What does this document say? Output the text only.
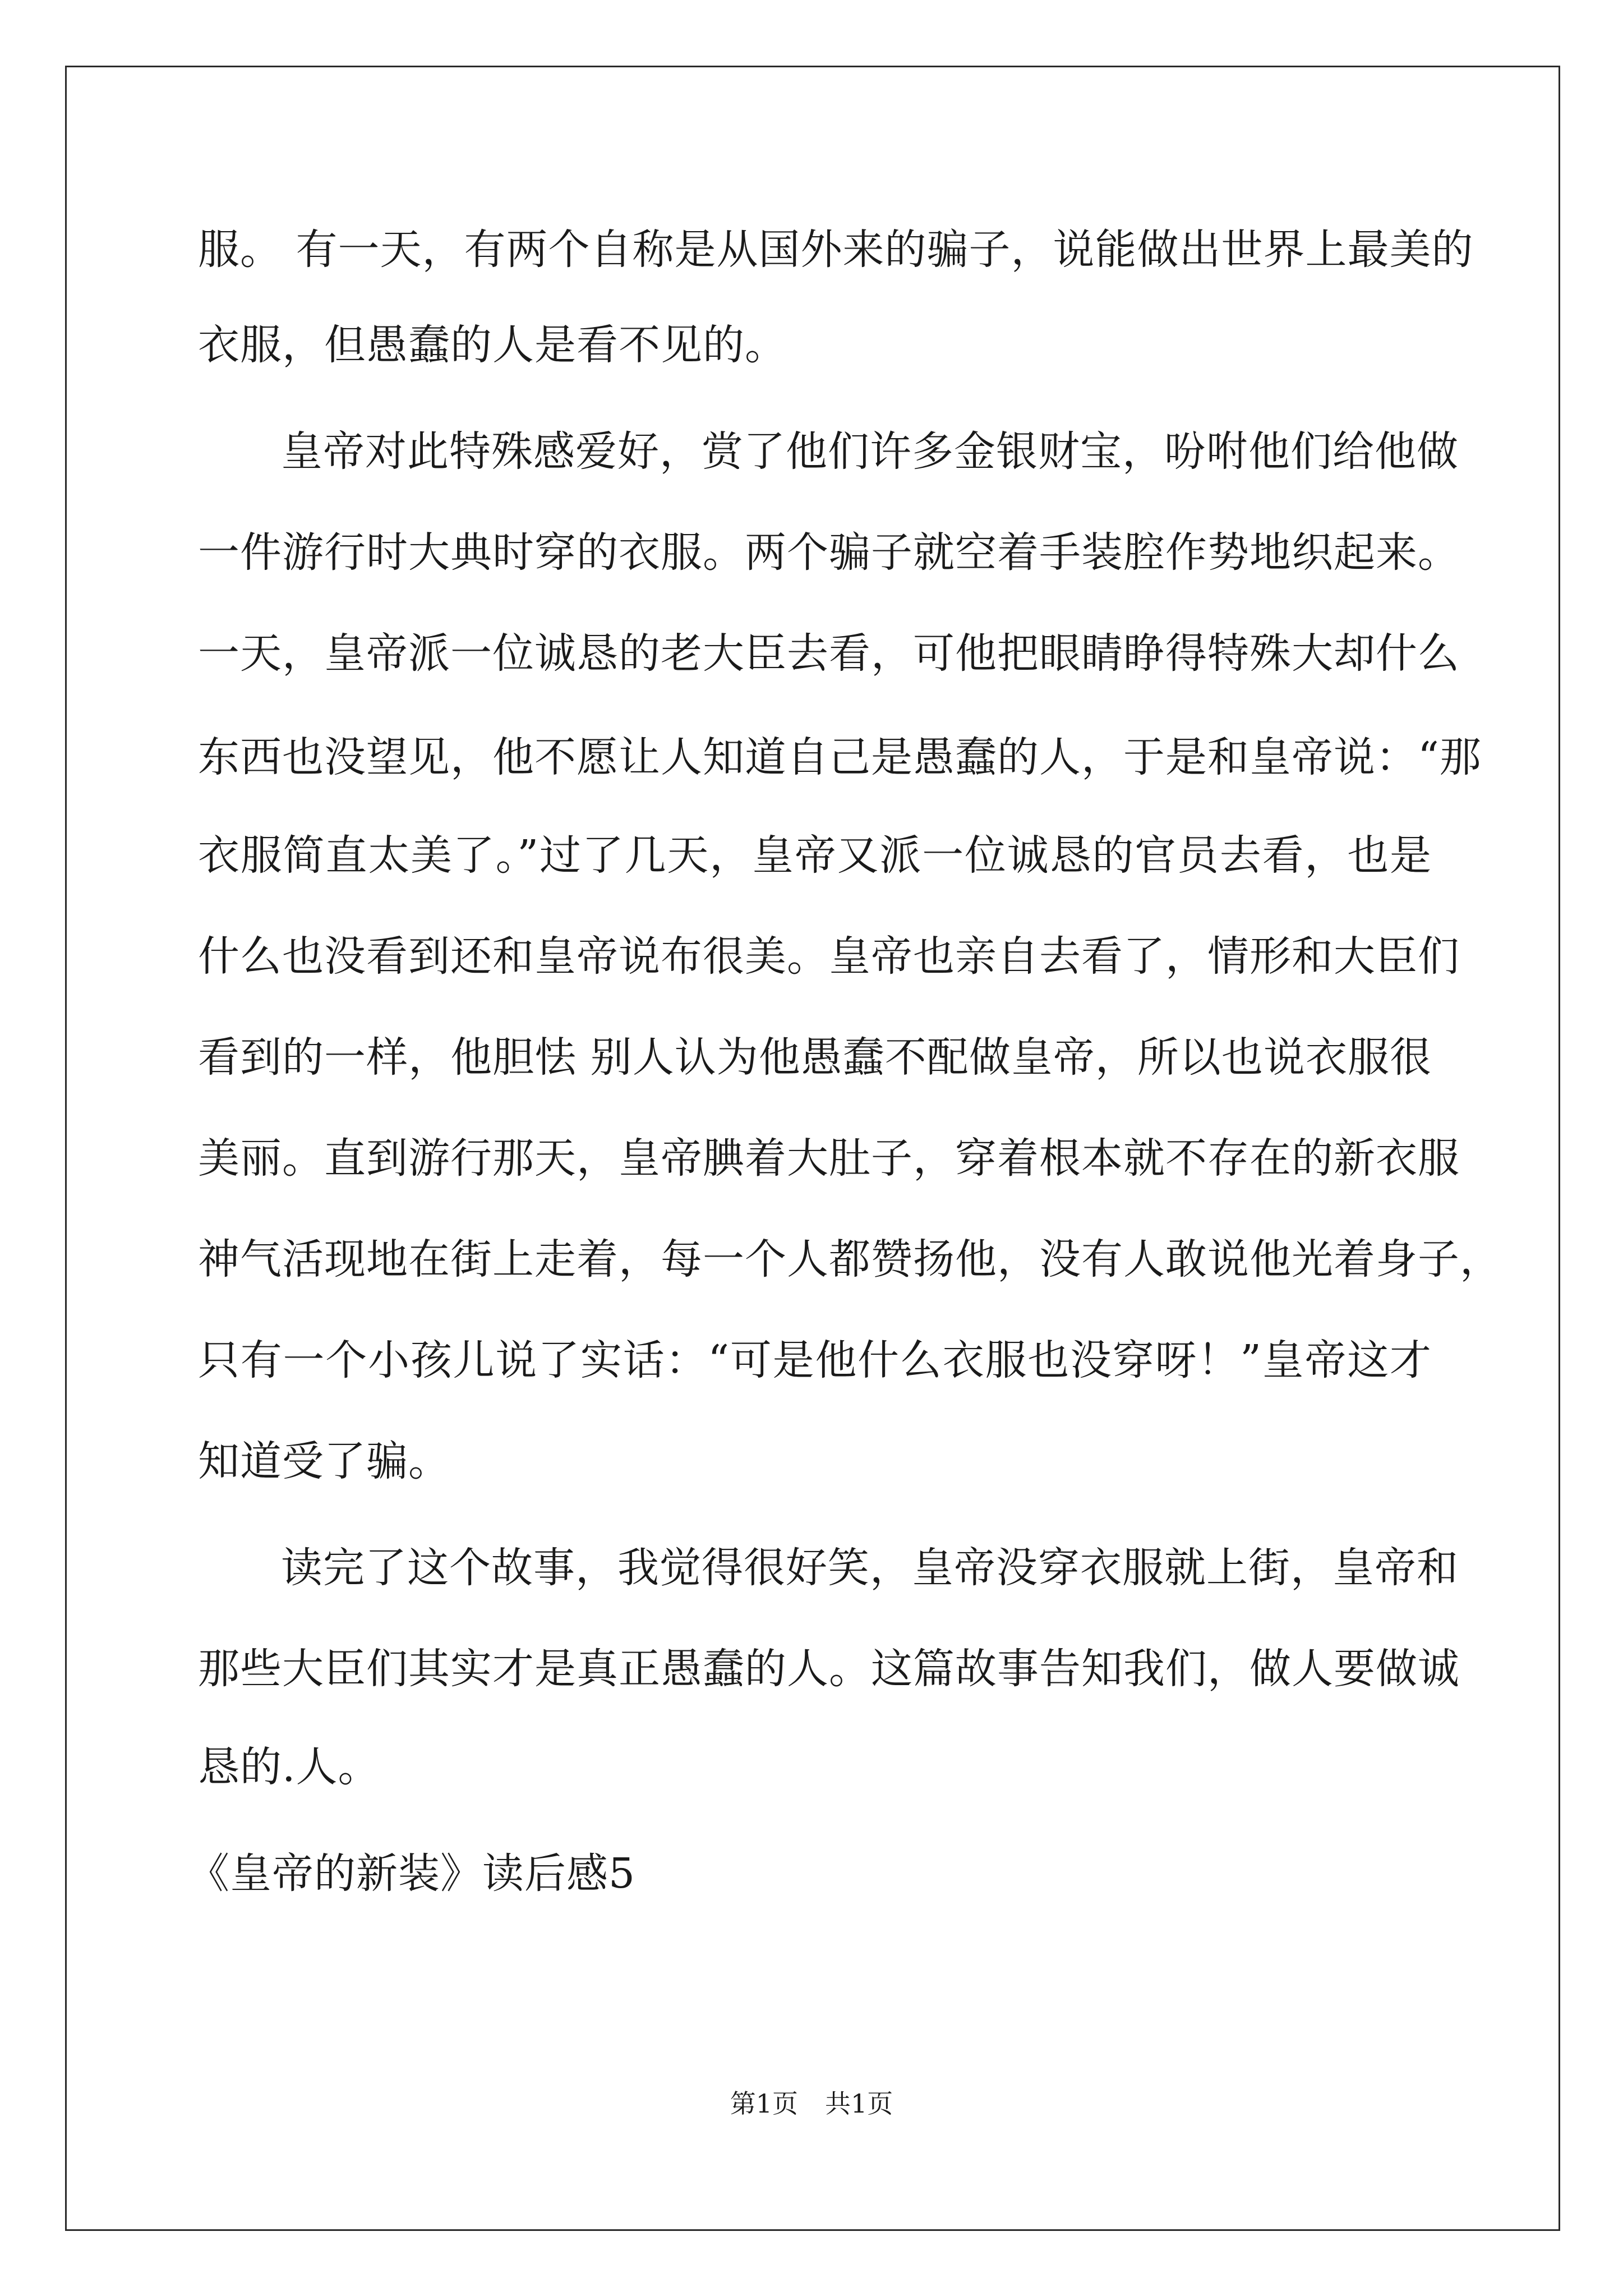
服。 有一天，有两个自称是从国外来的骗子，说能做出世界上最美的
衣服，但愚蠢的人是看不见的。
皇帝对此特殊感爱好，赏了他们许多金银财宝，吩咐他们给他做
一件游行时大典时穿的衣服。两个骗子就空着手装腔作势地织起来。
一天，皇帝派一位诚恳的老大臣去看，可他把眼睛睁得特殊大却什么
东西也没望见，他不愿让人知道自己是愚蠢的人，于是和皇帝说：“那
衣服简直太美了。”过了几天，皇帝又派一位诚恳的官员去看，也是
什么也没看到还和皇帝说布很美。皇帝也亲自去看了，情形和大臣们
看到的一样，他胆怯 别人认为他愚蠢不配做皇帝，所以也说衣服很
美丽。直到游行那天，皇帝腆着大肚子，穿着根本就不存在的新衣服
神气活现地在街上走着，每一个人都赞扬他，没有人敢说他光着身子，
只有一个小孩儿说了实话：“可是他什么衣服也没穿呀！”皇帝这才
知道受了骗。
读完了这个故事，我觉得很好笑，皇帝没穿衣服就上街，皇帝和
那些大臣们其实才是真正愚蠢的人。这篇故事告知我们，做人要做诚
恳的.人。
《皇帝的新装》读后感5
第1页 共1页
